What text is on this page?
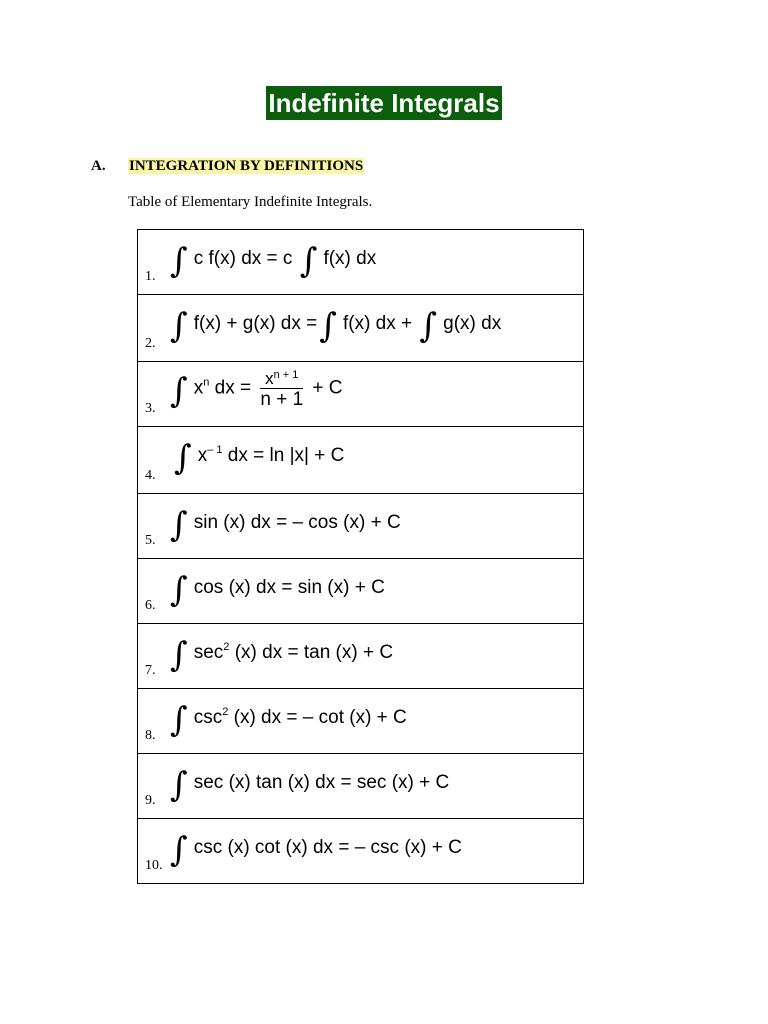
Indefinite Integrals
A. INTEGRATION BY DEFINITIONS
Table of Elementary Indefinite Integrals.
1. ∫ c f(x) dx = c ∫ f(x) dx
2. ∫ f(x) + g(x) dx =∫ f(x) dx + ∫ g(x) dx
3. ∫ $x^n$ dx = $\frac{x^{n + 1}}{n + 1} + C$
4. ∫ $x^{- 1}$ dx = ln |x| + C
5. ∫ sin (x) dx = – cos (x) + C
6. ∫ cos (x) dx = sin (x) + C
7. ∫ $\sec^2 (x)$ dx = tan (x) + C
8. ∫ $\csc^2 (x)$ dx = – cot (x) + C
9. ∫ sec (x) tan (x) dx = sec (x) + C
10. ∫ csc (x) cot (x) dx = – csc (x) + C
